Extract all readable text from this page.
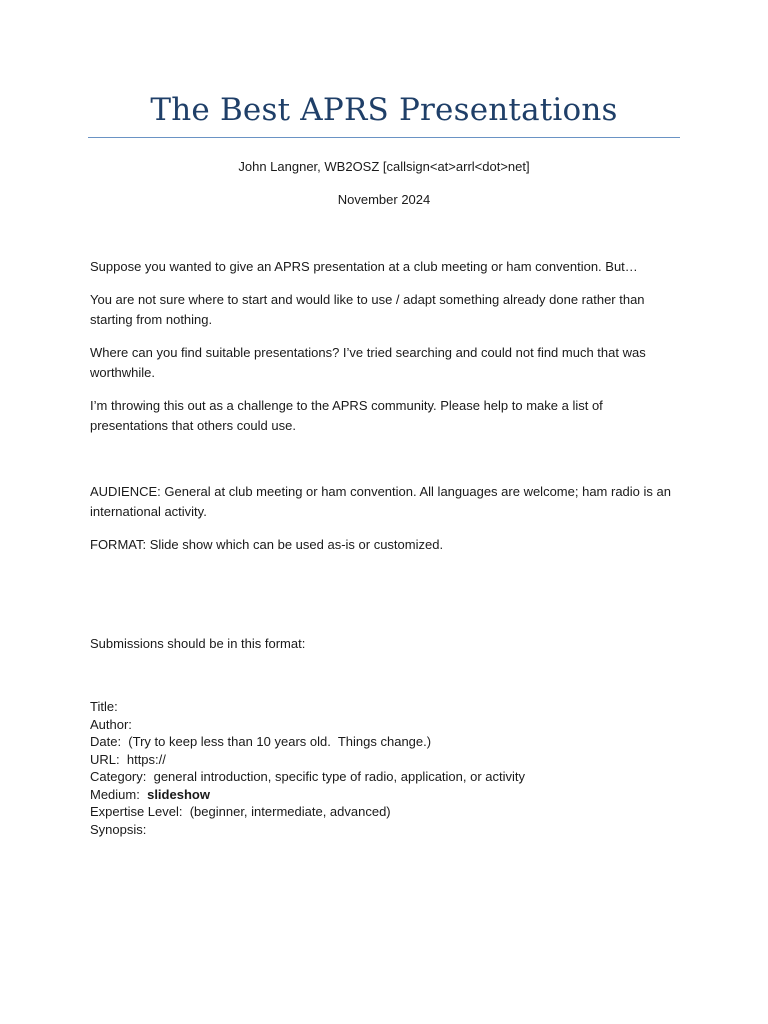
The Best APRS Presentations

John Langner, WB2OSZ [callsign<at>arrl<dot>net]

November 2024

Suppose you wanted to give an APRS presentation at a club meeting or ham convention. But…

You are not sure where to start and would like to use / adapt something already done rather than starting from nothing.

Where can you find suitable presentations? I’ve tried searching and could not find much that was worthwhile.

I’m throwing this out as a challenge to the APRS community. Please help to make a list of presentations that others could use.

AUDIENCE: General at club meeting or ham convention. All languages are welcome; ham radio is an international activity.

FORMAT: Slide show which can be used as-is or customized.

Submissions should be in this format:

Title:
Author:
Date:  (Try to keep less than 10 years old.  Things change.)
URL:  https://
Category:  general introduction, specific type of radio, application, or activity
Medium: slideshow
Expertise Level:  (beginner, intermediate, advanced)
Synopsis:
